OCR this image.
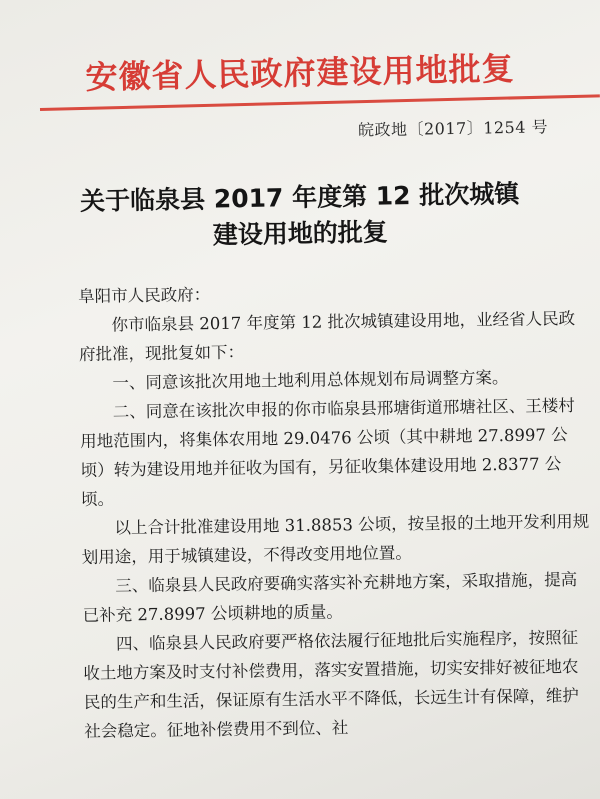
安徽省人民政府建设用地批复
皖政地〔2017〕1254 号
关于临泉县 2017 年度第 12 批次城镇
建设用地的批复

阜阳市人民政府：

你市临泉县 2017 年度第 12 批次城镇建设用地，业经省人民政府批准，现批复如下：

一、同意该批次用地土地利用总体规划布局调整方案。

二、同意在该批次申报的你市临泉县邢塘街道邢塘社区、王楼村用地范围内，将集体农用地 29.0476 公顷（其中耕地 27.8997 公顷）转为建设用地并征收为国有，另征收集体建设用地 2.8377 公顷。

以上合计批准建设用地 31.8853 公顷，按呈报的土地开发利用规划用途，用于城镇建设，不得改变用地位置。

三、临泉县人民政府要确实落实补充耕地方案，采取措施，提高已补充 27.8997 公顷耕地的质量。

四、临泉县人民政府要严格依法履行征地批后实施程序，按照征收土地方案及时支付补偿费用，落实安置措施，切实安排好被征地农民的生产和生活，保证原有生活水平不降低，长远生计有保障，维护社会稳定。征地补偿费用不到位、社
